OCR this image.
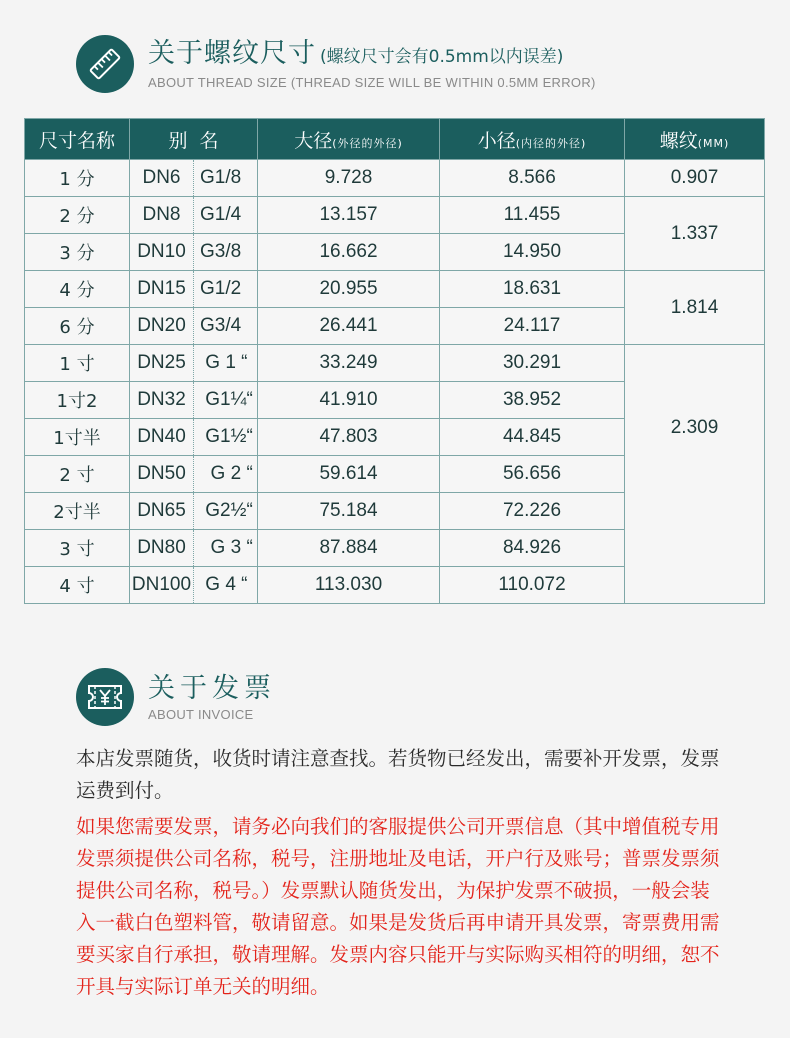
关于螺纹尺寸 (螺纹尺寸会有0.5mm以内误差)
ABOUT THREAD SIZE (THREAD SIZE WILL BE WITHIN 0.5MM ERROR)
尺寸名称	别  名		大径(外径的外径)	小径(内径的外径)	螺纹(MM)
1 分	DN6	G1/8	9.728	8.566	0.907
2 分	DN8	G1/4	13.157	11.455	1.337
3 分	DN10	G3/8	16.662	14.950	
4 分	DN15	G1/2	20.955	18.631	1.814
6 分	DN20	G3/4	26.441	24.117	
1 寸	DN25	G 1 “	33.249	30.291	2.309
1寸2	DN32	G1¼“	41.910	38.952	
1寸半	DN40	G1½“	47.803	44.845	
2 寸	DN50	G 2 “	59.614	56.656	
2寸半	DN65	G2½“	75.184	72.226	
3 寸	DN80	G 3 “	87.884	84.926	
4 寸	DN100	G 4 “	113.030	110.072	
关于发票
ABOUT INVOICE
本店发票随货，收货时请注意查找。若货物已经发出，需要补开发票，发票运费到付。
如果您需要发票，请务必向我们的客服提供公司开票信息（其中增值税专用发票须提供公司名称，税号，注册地址及电话，开户行及账号；普票发票须提供公司名称，税号。）发票默认随货发出，为保护发票不破损，一般会装入一截白色塑料管，敬请留意。如果是发货后再申请开具发票，寄票费用需要买家自行承担，敬请理解。发票内容只能开与实际购买相符的明细，恕不开具与实际订单无关的明细。
